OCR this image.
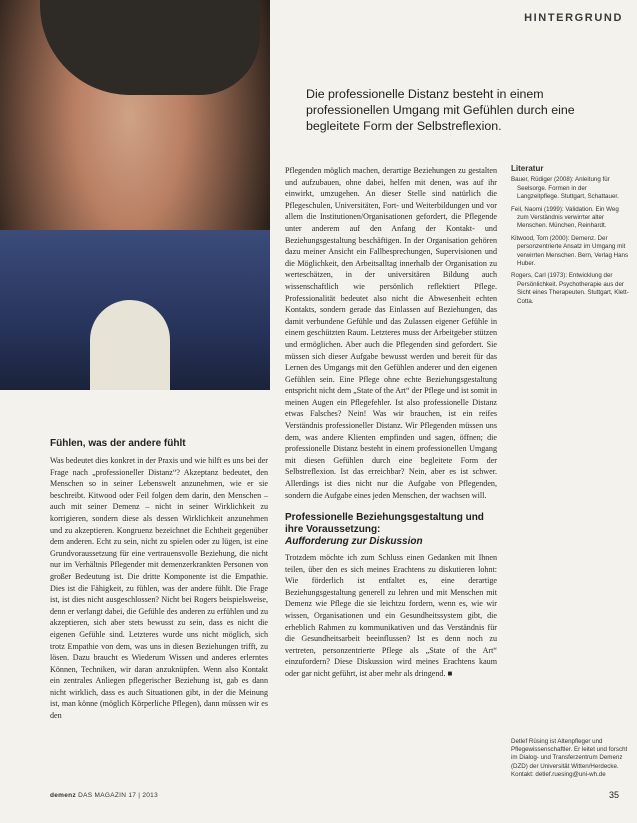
HINTERGRUND
Die professionelle Distanz besteht in einem professionellen Umgang mit Gefühlen durch eine begleitete Form der Selbstreflexion.
Fühlen, was der andere fühlt

Was bedeutet dies konkret in der Praxis und wie hilft es uns bei der Frage nach „professioneller Distanz“? Akzeptanz bedeutet, den Menschen so in seiner Lebenswelt anzunehmen, wie er sie beschreibt. Kitwood oder Feil folgen dem darin, den Menschen – auch mit seiner Demenz – nicht in seiner Wirklichkeit zu korrigieren, sondern diese als dessen Wirklichkeit anzunehmen und zu akzeptieren. Kongruenz bezeichnet die Echtheit gegenüber dem anderen. Echt zu sein, nicht zu spielen oder zu lügen, ist eine Grundvoraussetzung für eine vertrauensvolle Beziehung, die nicht nur im Verhältnis Pflegender mit demenzerkrankten Personen von großer Bedeutung ist. Die dritte Komponente ist die Empathie. Dies ist die Fähigkeit, zu fühlen, was der andere fühlt. Die Frage ist, ist dies nicht ausgeschlossen? Nicht bei Rogers beispielsweise, denn er verlangt dabei, die Gefühle des anderen zu erfühlen und zu akzeptieren, sich aber stets bewusst zu sein, dass es nicht die eigenen Gefühle sind. Letzteres wurde uns nicht möglich, sich trotz Empathie von dem, was uns in diesen Beziehungen trifft, zu lösen. Dazu braucht es Wiederum Wissen und anderes erlerntes Können, Techniken, wir daran anzuknüpfen. Wenn also Kontakt ein zentrales Anliegen pflegerischer Beziehung ist, gab es dann nicht wirklich, dass es auch Situationen gibt, in der die Meinung ist, man könne (möglich Körperliche Pflegen), dann müssen wir es den

Pflegenden möglich machen, derartige Beziehungen zu gestalten und aufzubauen, ohne dabei, helfen mit denen, was auf ihr einwirkt, umzugehen. An dieser Stelle sind natürlich die Pflegeschulen, Universitäten, Fort- und Weiterbildungen und vor allem die Institutionen/Organisationen gefordert, die Pflegende unter anderem auf den Anfang der Kontakt- und Beziehungsgestaltung beschäftigen. In der Organisation gehören dazu meiner Ansicht ein Fallbesprechungen, Supervisionen und die Möglichkeit, den Arbeitsalltag innerhalb der Organisation zu werteschätzen, in der universitären Bildung auch wissenschaftlich wie persönlich reflektiert Pflege. Professionalität bedeutet also nicht die Abwesenheit echten Kontakts, sondern gerade das Einlassen auf Beziehungen, das damit verbundene Gefühle und das Zulassen eigener Gefühle in einem geschützten Raum. Letzteres muss der Arbeitgeber stützen und ermöglichen. Aber auch die Pflegenden sind gefordert. Sie müssen sich dieser Aufgabe bewusst werden und bereit für das Lernen des Umgangs mit den Gefühlen anderer und den eigenen Gefühlen sein. Eine Pflege ohne echte Beziehungsgestaltung entspricht nicht dem „State of the Art“ der Pflege und ist somit in meinen Augen ein Pflegefehler. Ist also professionelle Distanz etwas Falsches? Nein! Was wir brauchen, ist ein reifes Verständnis professioneller Distanz. Wir Pflegenden müssen uns dem, was andere Klienten empfinden und sagen, öffnen; die professionelle Distanz besteht in einem professionellen Umgang mit diesen Gefühlen durch eine begleitete Form der Selbstreflexion. Ist das erreichbar? Nein, aber es ist schwer. Allerdings ist dies nicht nur die Aufgabe von Pflegenden, sondern die Aufgabe eines jeden Menschen, der wachsen will.

Professionelle Beziehungsgestaltung und ihre Voraussetzung:
Aufforderung zur Diskussion

Trotzdem möchte ich zum Schluss einen Gedanken mit Ihnen teilen, über den es sich meines Erachtens zu diskutieren lohnt: Wie förderlich ist entfaltet es, eine derartige Beziehungsgestaltung generell zu lehren und mit Menschen mit Demenz wie Pflege die sie leichtzu fordern, wenn es, wie wir wissen, Organisationen und ein Gesundheitssystem gibt, die erheblich Rahmen zu kommunikativen und das Verständnis für die Gesundheitsarbeit beeinflussen? Ist es denn noch zu vertreten, personzentrierte Pflege als „State of the Art“ einzufordern? Diese Diskussion wird meines Erachtens kaum oder gar nicht geführt, ist aber mehr als dringend. ■

Literatur

Bauer, Rüdiger (2008): Anleitung für Seelsorge. Formen in der Langzeitpflege. Stuttgart, Schattauer.

Feil, Naomi (1999): Validation. Ein Weg zum Verständnis verwirrter alter Menschen. München, Reinhardt.

Kitwood, Tom (2000): Demenz. Der personzentrierte Ansatz im Umgang mit verwirrten Menschen. Bern, Verlag Hans Huber.

Rogers, Carl (1973): Entwicklung der Persönlichkeit. Psychotherapie aus der Sicht eines Therapeuten. Stuttgart, Klett-Cotta.

Detlef Rüsing ist Altenpfleger und Pflegewissenschaftler. Er leitet und forscht im Dialog- und Transferzentrum Demenz (DZD) der Universität Witten/Herdecke. Kontakt: detlef.ruesing@uni-wh.de
demenz DAS MAGAZIN 17 | 2013	35
